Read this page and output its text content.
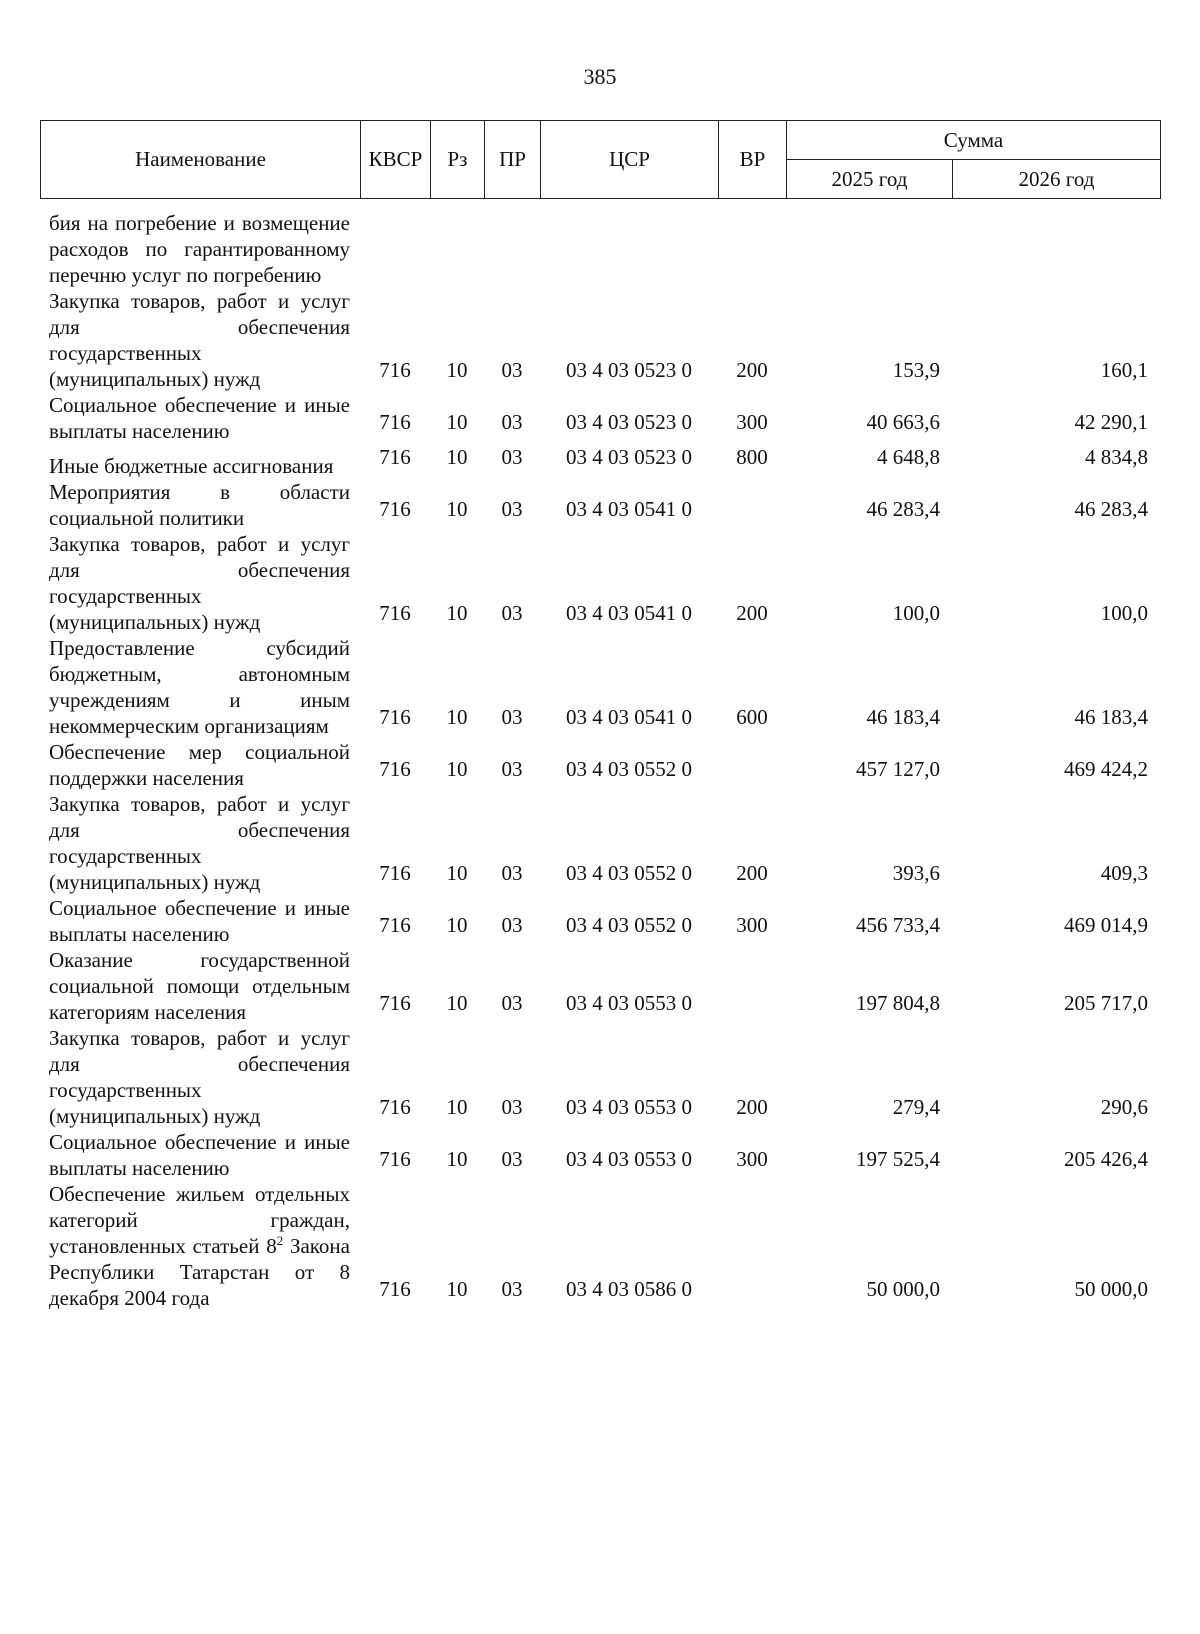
385
Наименование	КВСР	Рз	ПР	ЦСР	ВР	Сумма	
						2025 год	2026 год
бия на погребение и возмещение расходов по гарантированному перечню услуг по погребению							
Закупка товаров, работ и услуг для обеспечения государственных (муниципальных) нужд	716	10	03	03 4 03 0523 0	200	153,9	160,1
Социальное обеспечение и иные выплаты населению	716	10	03	03 4 03 0523 0	300	40 663,6	42 290,1
Иные бюджетные ассигнования	716	10	03	03 4 03 0523 0	800	4 648,8	4 834,8
Мероприятия в области социальной политики	716	10	03	03 4 03 0541 0		46 283,4	46 283,4
Закупка товаров, работ и услуг для обеспечения государственных (муниципальных) нужд	716	10	03	03 4 03 0541 0	200	100,0	100,0
Предоставление субсидий бюджетным, автономным учреждениям и иным некоммерческим организациям	716	10	03	03 4 03 0541 0	600	46 183,4	46 183,4
Обеспечение мер социальной поддержки населения	716	10	03	03 4 03 0552 0		457 127,0	469 424,2
Закупка товаров, работ и услуг для обеспечения государственных (муниципальных) нужд	716	10	03	03 4 03 0552 0	200	393,6	409,3
Социальное обеспечение и иные выплаты населению	716	10	03	03 4 03 0552 0	300	456 733,4	469 014,9
Оказание государственной социальной помощи отдельным категориям населения	716	10	03	03 4 03 0553 0		197 804,8	205 717,0
Закупка товаров, работ и услуг для обеспечения государственных (муниципальных) нужд	716	10	03	03 4 03 0553 0	200	279,4	290,6
Социальное обеспечение и иные выплаты населению	716	10	03	03 4 03 0553 0	300	197 525,4	205 426,4
Обеспечение жильем отдельных категорий граждан, установленных статьей $8^2$ Закона Республики Татарстан от 8 декабря 2004 года	716	10	03	03 4 03 0586 0		50 000,0	50 000,0
